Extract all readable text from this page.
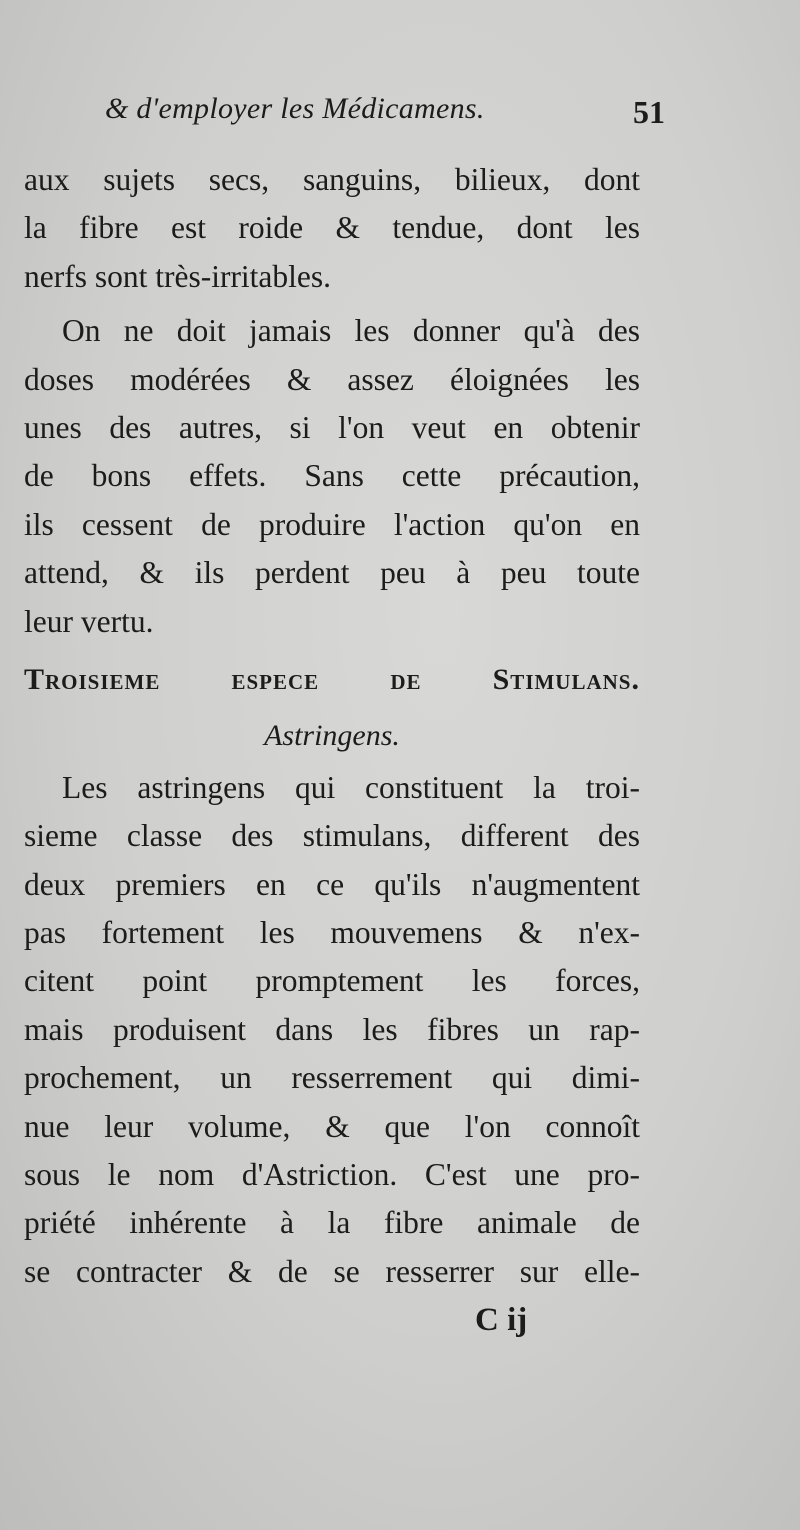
& d'employer les Médicamens.	51
aux sujets secs, sanguins, bilieux, dont
la fibre est roide & tendue, dont les
nerfs sont très-irritables.
On ne doit jamais les donner qu'à des
doses modérées & assez éloignées les
unes des autres, si l'on veut en obtenir
de bons effets. Sans cette précaution,
ils cessent de produire l'action qu'on en
attend, & ils perdent peu à peu toute
leur vertu.
Troisieme espece de Stimulans.
Astringens.
Les astringens qui constituent la troi-
sieme classe des stimulans, different des
deux premiers en ce qu'ils n'augmentent
pas fortement les mouvemens & n'ex-
citent point promptement les forces,
mais produisent dans les fibres un rap-
prochement, un resserrement qui dimi-
nue leur volume, & que l'on connoît
sous le nom d'Astriction. C'est une pro-
priété inhérente à la fibre animale de
se contracter & de se resserrer sur elle-
C ij
